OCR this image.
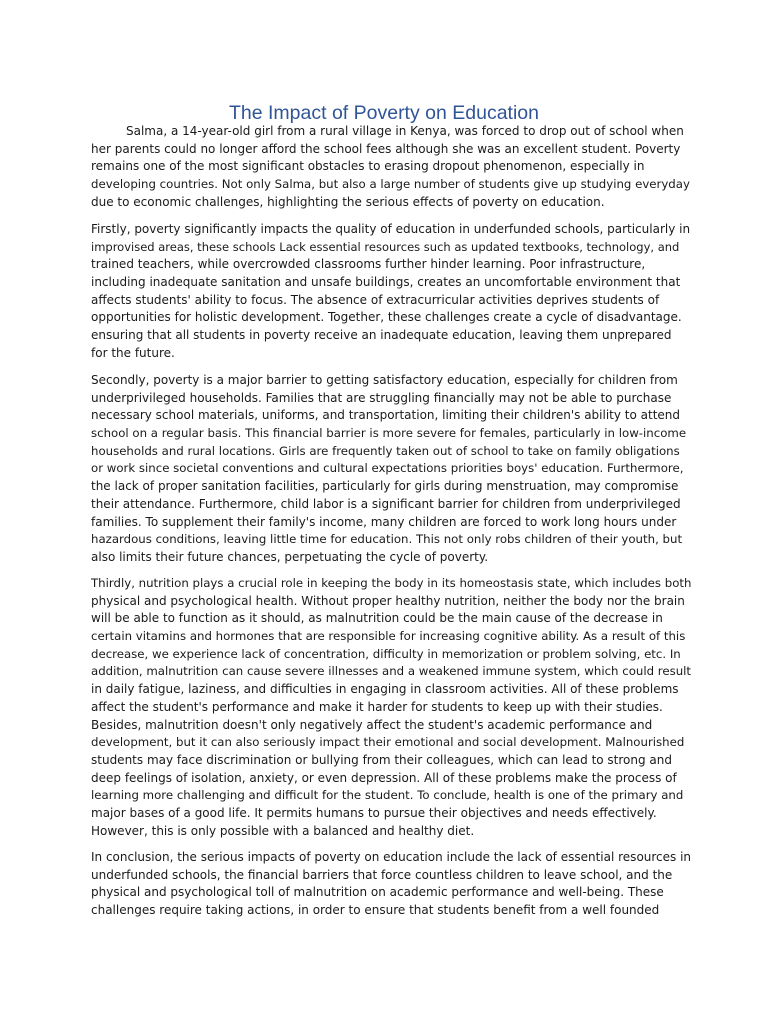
The Impact of Poverty on Education
Salma, a 14-year-old girl from a rural village in Kenya, was forced to drop out of school when
her parents could no longer afford the school fees although she was an excellent student. Poverty
remains one of the most significant obstacles to erasing dropout phenomenon, especially in
developing countries. Not only Salma, but also a large number of students give up studying everyday
due to economic challenges, highlighting the serious effects of poverty on education.
Firstly, poverty significantly impacts the quality of education in underfunded schools, particularly in
improvised areas, these schools Lack essential resources such as updated textbooks, technology, and
trained teachers, while overcrowded classrooms further hinder learning. Poor infrastructure,
including inadequate sanitation and unsafe buildings, creates an uncomfortable environment that
affects students' ability to focus. The absence of extracurricular activities deprives students of
opportunities for holistic development. Together, these challenges create a cycle of disadvantage.
ensuring that all students in poverty receive an inadequate education, leaving them unprepared
for the future.
Secondly, poverty is a major barrier to getting satisfactory education, especially for children from
underprivileged households. Families that are struggling financially may not be able to purchase
necessary school materials, uniforms, and transportation, limiting their children's ability to attend
school on a regular basis. This financial barrier is more severe for females, particularly in low-income
households and rural locations. Girls are frequently taken out of school to take on family obligations
or work since societal conventions and cultural expectations priorities boys' education. Furthermore,
the lack of proper sanitation facilities, particularly for girls during menstruation, may compromise
their attendance. Furthermore, child labor is a significant barrier for children from underprivileged
families. To supplement their family's income, many children are forced to work long hours under
hazardous conditions, leaving little time for education. This not only robs children of their youth, but
also limits their future chances, perpetuating the cycle of poverty.
Thirdly, nutrition plays a crucial role in keeping the body in its homeostasis state, which includes both
physical and psychological health. Without proper healthy nutrition, neither the body nor the brain
will be able to function as it should, as malnutrition could be the main cause of the decrease in
certain vitamins and hormones that are responsible for increasing cognitive ability. As a result of this
decrease, we experience lack of concentration, difficulty in memorization or problem solving, etc. In
addition, malnutrition can cause severe illnesses and a weakened immune system, which could result
in daily fatigue, laziness, and difficulties in engaging in classroom activities. All of these problems
affect the student's performance and make it harder for students to keep up with their studies.
Besides, malnutrition doesn't only negatively affect the student's academic performance and
development, but it can also seriously impact their emotional and social development. Malnourished
students may face discrimination or bullying from their colleagues, which can lead to strong and
deep feelings of isolation, anxiety, or even depression. All of these problems make the process of
learning more challenging and difficult for the student. To conclude, health is one of the primary and
major bases of a good life. It permits humans to pursue their objectives and needs effectively.
However, this is only possible with a balanced and healthy diet.
In conclusion, the serious impacts of poverty on education include the lack of essential resources in
underfunded schools, the financial barriers that force countless children to leave school, and the
physical and psychological toll of malnutrition on academic performance and well-being. These
challenges require taking actions, in order to ensure that students benefit from a well founded
